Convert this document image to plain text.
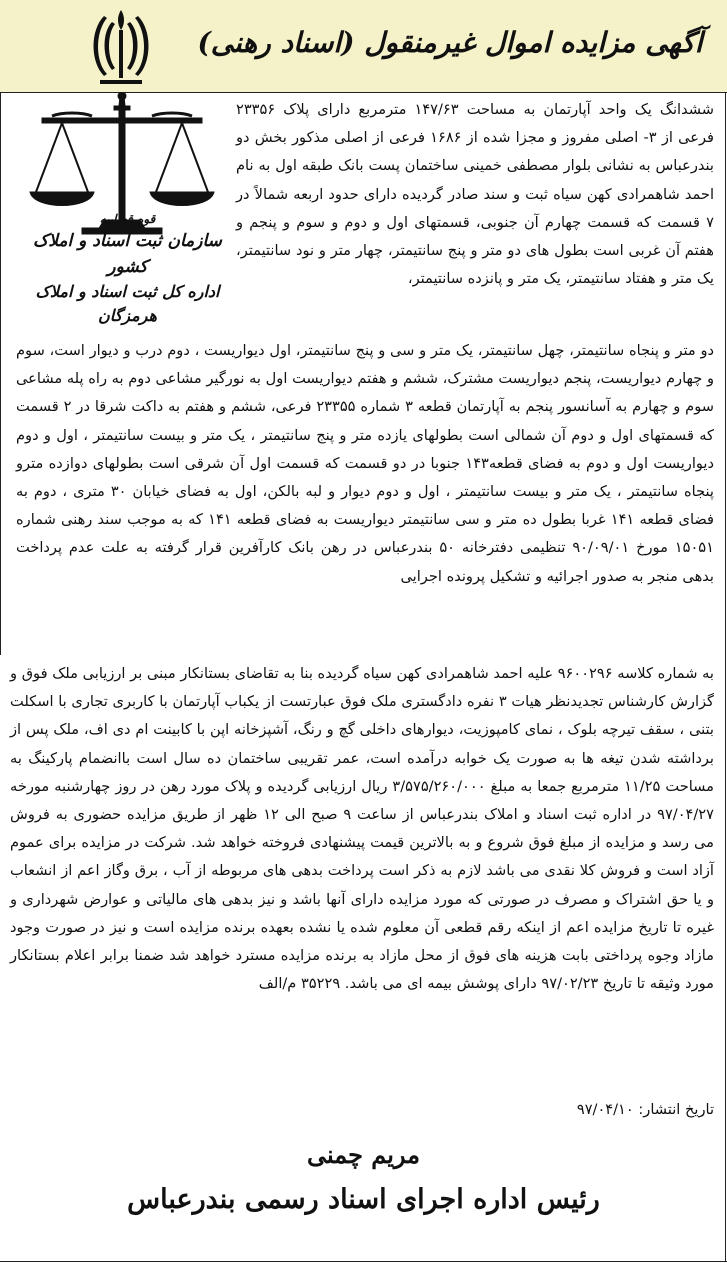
آگهی مزایده اموال غیرمنقول (اسناد رهنی)
قوه قضاییه
سازمان ثبت اسناد و املاک کشور
اداره کل ثبت اسناد و املاک هرمزگان
ششدانگ یک واحد آپارتمان به مساحت ۱۴۷/۶۳ مترمربع دارای پلاک ۲۳۳۵۶ فرعی از ۳- اصلی مفروز و مجزا شده از ۱۶۸۶ فرعی از اصلی مذکور بخش دو بندرعباس به نشانی بلوار مصطفی خمینی ساختمان پست بانک طبقه اول به نام احمد شاهمرادی کهن سیاه ثبت و سند صادر گردیده دارای حدود اربعه شمالاً در ۷ قسمت که قسمت چهارم آن جنوبی، قسمتهای اول و دوم و سوم و پنجم و هفتم آن غربی است بطول های دو متر و پنج سانتیمتر، چهار متر و نود سانتیمتر، یک متر و هفتاد سانتیمتر، یک متر و پانزده سانتیمتر،
دو متر و پنجاه سانتیمتر، چهل سانتیمتر، یک متر و سی و پنج سانتیمتر، اول دیواریست ، دوم درب و دیوار است، سوم و چهارم دیواریست، پنجم دیواریست مشترک، ششم و هفتم دیواریست اول به نورگیر مشاعی دوم به راه پله مشاعی سوم و چهارم به آسانسور پنجم به آپارتمان قطعه ۳ شماره ۲۳۳۵۵ فرعی، ششم و هفتم به داکت شرقا در ۲ قسمت که قسمتهای اول و دوم آن شمالی است بطولهای یازده متر و پنج سانتیمتر ، یک متر و بیست سانتیمتر ، اول و دوم دیواریست اول و دوم به فضای قطعه۱۴۳ جنوبا در دو قسمت که قسمت اول آن شرقی است بطولهای دوازده مترو پنجاه سانتیمتر ، یک متر و بیست سانتیمتر ، اول و دوم دیوار و لبه بالکن، اول به فضای خیابان ۳۰ متری ، دوم به فضای قطعه ۱۴۱ غربا بطول ده متر و سی سانتیمتر دیواریست به فضای قطعه ۱۴۱ که به موجب سند رهنی شماره ۱۵۰۵۱ مورخ ۹۰/۰۹/۰۱ تنظیمی دفترخانه ۵۰ بندرعباس در رهن بانک کارآفرین قرار گرفته به علت عدم پرداخت بدهی منجر به صدور اجرائیه و تشکیل پرونده اجرایی
به شماره کلاسه ۹۶۰۰۲۹۶ علیه احمد شاهمرادی کهن سیاه گردیده بنا به تقاضای بستانکار مبنی بر ارزیابی ملک فوق و گزارش کارشناس تجدیدنظر هیات ۳ نفره دادگستری ملک فوق عبارتست از یکباب آپارتمان با کاربری تجاری با اسکلت بتنی ، سقف تیرچه بلوک ، نمای کامپوزیت، دیوارهای داخلی گچ و رنگ، آشپزخانه اپن با کابینت ام دی اف، ملک پس از برداشته شدن تیغه ها به صورت یک خوابه درآمده است، عمر تقریبی ساختمان ده سال است باانضمام پارکینگ به مساحت ۱۱/۲۵ مترمربع جمعا به مبلغ ۳/۵۷۵/۲۶۰/۰۰۰ ریال ارزیابی گردیده و پلاک مورد رهن در روز چهارشنبه مورخه ۹۷/۰۴/۲۷ در اداره ثبت اسناد و املاک بندرعباس از ساعت ۹ صبح الی ۱۲ ظهر از طریق مزایده حضوری به فروش می رسد و مزایده از مبلغ فوق شروع و به بالاترین قیمت پیشنهادی فروخته خواهد شد. شرکت در مزایده برای عموم آزاد است و فروش کلا نقدی می باشد لازم به ذکر است پرداخت بدهی های مربوطه از آب ، برق وگاز اعم از انشعاب و یا حق اشتراک و مصرف در صورتی که مورد مزایده دارای آنها باشد و نیز بدهی های مالیاتی و عوارض شهرداری و غیره تا تاریخ مزایده اعم از اینکه رقم قطعی آن معلوم شده یا نشده بعهده برنده مزایده است و نیز در صورت وجود مازاد وجوه پرداختی بابت هزینه های فوق از محل مازاد به برنده مزایده مسترد خواهد شد ضمنا برابر اعلام بستانکار مورد وثیقه تا تاریخ ۹۷/۰۲/۲۳ دارای پوشش بیمه ای می باشد. ۳۵۲۲۹ م/الف
تاریخ انتشار: ۹۷/۰۴/۱۰
مریم چمنی
رئیس اداره اجرای اسناد رسمی بندرعباس
